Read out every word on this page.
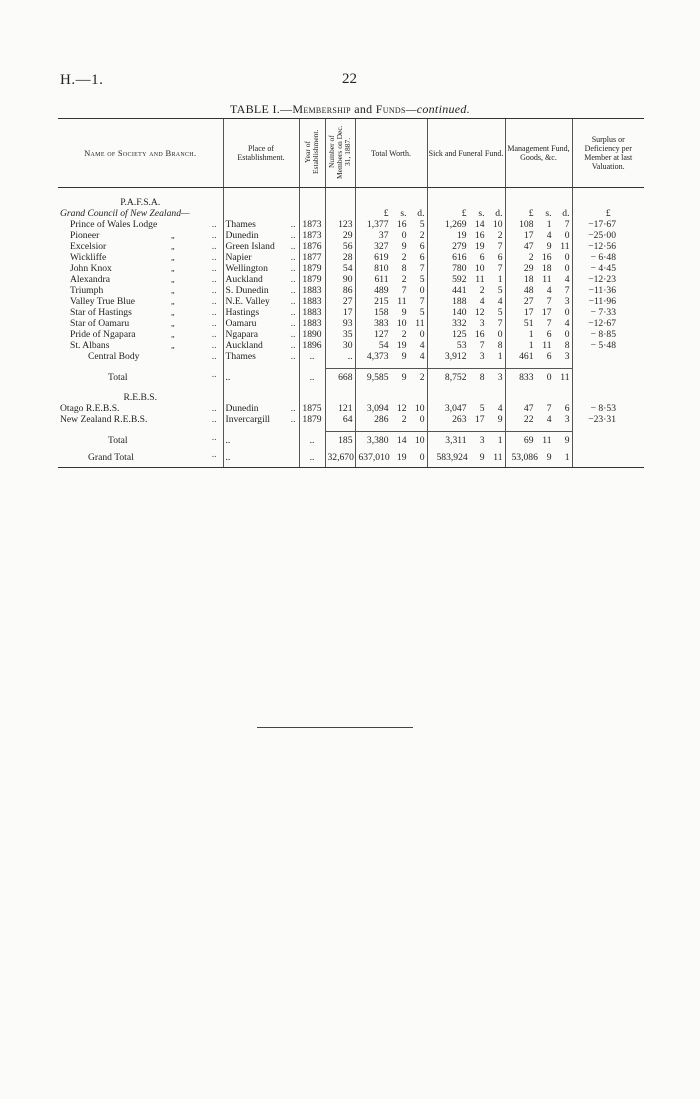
H.—1.	22
TABLE I.—Membership and Funds—continued.
Name of Society and Branch.	Place of Establishment.	Year of Establishment.	Number of Members on Dec. 31, 1887.	Total Worth.	Sick and Funeral Fund.	Management Fund, Goods, &c.	Surplus or Deficiency per Member at last Valuation.

P.A.F.S.A.							
Grand Council of New Zealand—				£ s. d.	£ s. d.	£ s. d.	£
Prince of Wales Lodge ..	Thames ..	1873	123	1,377 16 5	1,269 14 10	108 1 7	−17·67
Pioneer „ ..	Dunedin ..	1873	29	37 0 2	19 16 2	17 4 0	−25·00
Excelsior „ ..	Green Island ..	1876	56	327 9 6	279 19 7	47 9 11	−12·56
Wickliffe „ ..	Napier ..	1877	28	619 2 6	616 6 6	2 16 0	− 6·48
John Knox „ ..	Wellington ..	1879	54	810 8 7	780 10 7	29 18 0	− 4·45
Alexandra „ ..	Auckland ..	1879	90	611 2 5	592 11 1	18 11 4	−12·23
Triumph „ ..	S. Dunedin ..	1883	86	489 7 0	441 2 5	48 4 7	−11·36
Valley True Blue „ ..	N.E. Valley ..	1883	27	215 11 7	188 4 4	27 7 3	−11·96
Star of Hastings „ ..	Hastings ..	1883	17	158 9 5	140 12 5	17 17 0	− 7·33
Star of Oamaru „ ..	Oamaru ..	1883	93	383 10 11	332 3 7	51 7 4	−12·67
Pride of Ngapara „ ..	Ngapara ..	1890	35	127 2 0	125 16 0	1 6 0	− 8·85
St. Albans „ ..	Auckland ..	1896	30	54 19 4	53 7 8	1 11 8	− 5·48
Central Body ..	Thames ..	..	..	4,373 9 4	3,912 3 1	461 6 3	

Total ..	..	..	668	9,585 9 2	8,752 8 3	833 0 11	

R.E.B.S.							
Otago R.E.B.S. ..	Dunedin ..	1875	121	3,094 12 10	3,047 5 4	47 7 6	− 8·53
New Zealand R.E.B.S. ..	Invercargill ..	1879	64	286 2 0	263 17 9	22 4 3	−23·31

Total ..	..	..	185	3,380 14 10	3,311 3 1	69 11 9	

Grand Total ..	..	..	32,670	637,010 19 0	583,924 9 11	53,086 9 1	
